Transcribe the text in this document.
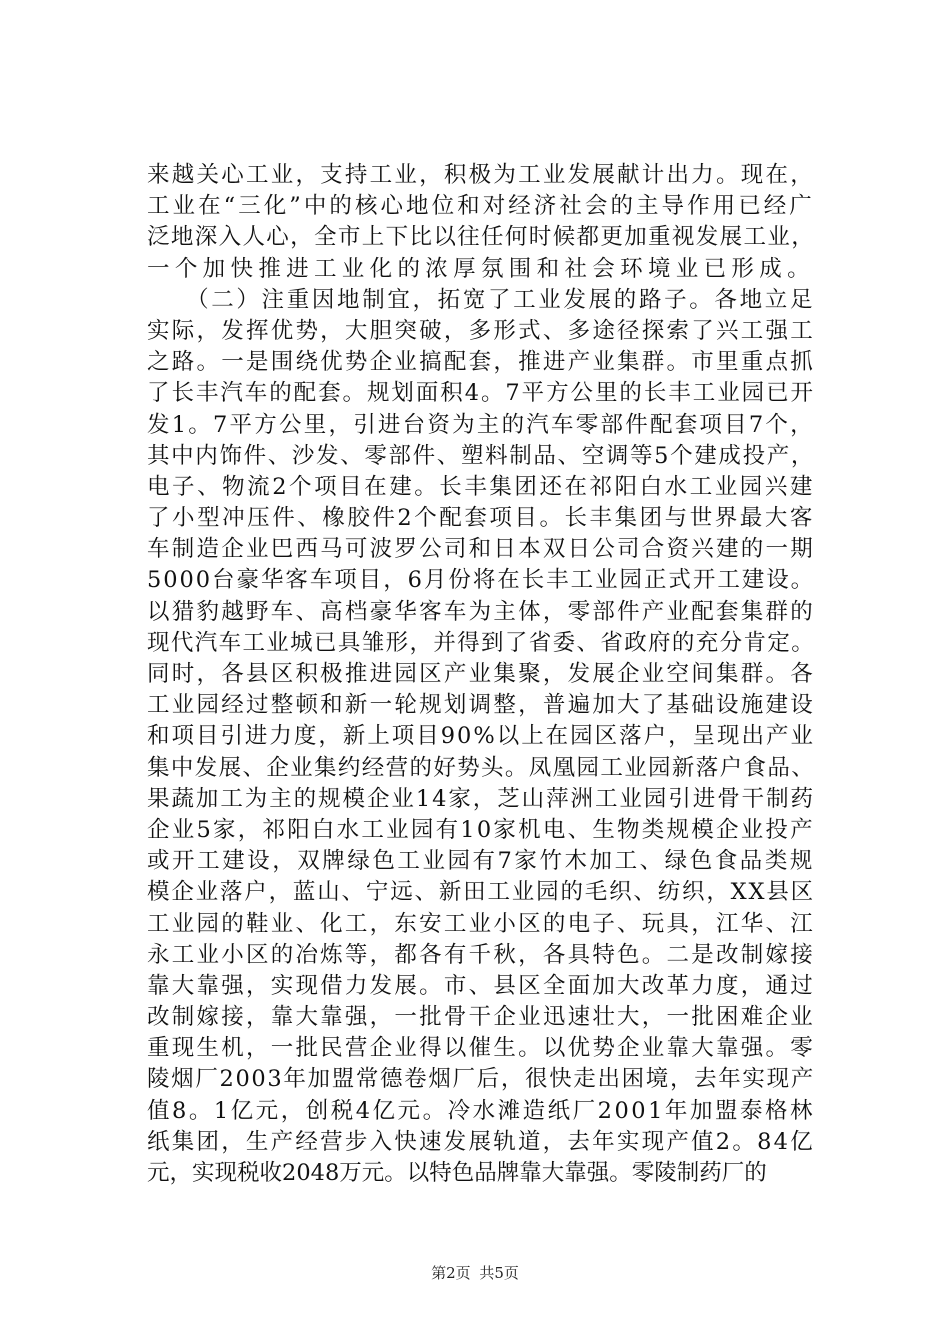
来越关心工业，支持工业，积极为工业发展献计出力。现在，
工业在“三化”中的核心地位和对经济社会的主导作用已经广
泛地深入人心，全市上下比以往任何时候都更加重视发展工业，
一个加快推进工业化的浓厚氛围和社会环境业已形成。
　　（二）注重因地制宜，拓宽了工业发展的路子。各地立足
实际，发挥优势，大胆突破，多形式、多途径探索了兴工强工
之路。一是围绕优势企业搞配套，推进产业集群。市里重点抓
了长丰汽车的配套。规划面积4。7平方公里的长丰工业园已开
发1。7平方公里，引进台资为主的汽车零部件配套项目7个，
其中内饰件、沙发、零部件、塑料制品、空调等5个建成投产，
电子、物流2个项目在建。长丰集团还在祁阳白水工业园兴建
了小型冲压件、橡胶件2个配套项目。长丰集团与世界最大客
车制造企业巴西马可波罗公司和日本双日公司合资兴建的一期
5000台豪华客车项目，6月份将在长丰工业园正式开工建设。
以猎豹越野车、高档豪华客车为主体，零部件产业配套集群的
现代汽车工业城已具雏形，并得到了省委、省政府的充分肯定。
同时，各县区积极推进园区产业集聚，发展企业空间集群。各
工业园经过整顿和新一轮规划调整，普遍加大了基础设施建设
和项目引进力度，新上项目90%以上在园区落户，呈现出产业
集中发展、企业集约经营的好势头。凤凰园工业园新落户食品、
果蔬加工为主的规模企业14家，芝山萍洲工业园引进骨干制药
企业5家，祁阳白水工业园有10家机电、生物类规模企业投产
或开工建设，双牌绿色工业园有7家竹木加工、绿色食品类规
模企业落户，蓝山、宁远、新田工业园的毛织、纺织，XX县区
工业园的鞋业、化工，东安工业小区的电子、玩具，江华、江
永工业小区的冶炼等，都各有千秋，各具特色。二是改制嫁接
靠大靠强，实现借力发展。市、县区全面加大改革力度，通过
改制嫁接，靠大靠强，一批骨干企业迅速壮大，一批困难企业
重现生机，一批民营企业得以催生。以优势企业靠大靠强。零
陵烟厂2003年加盟常德卷烟厂后，很快走出困境，去年实现产
值8。1亿元，创税4亿元。冷水滩造纸厂2001年加盟泰格林
纸集团，生产经营步入快速发展轨道，去年实现产值2。84亿
元，实现税收2048万元。以特色品牌靠大靠强。零陵制药厂的
第2页 共5页
